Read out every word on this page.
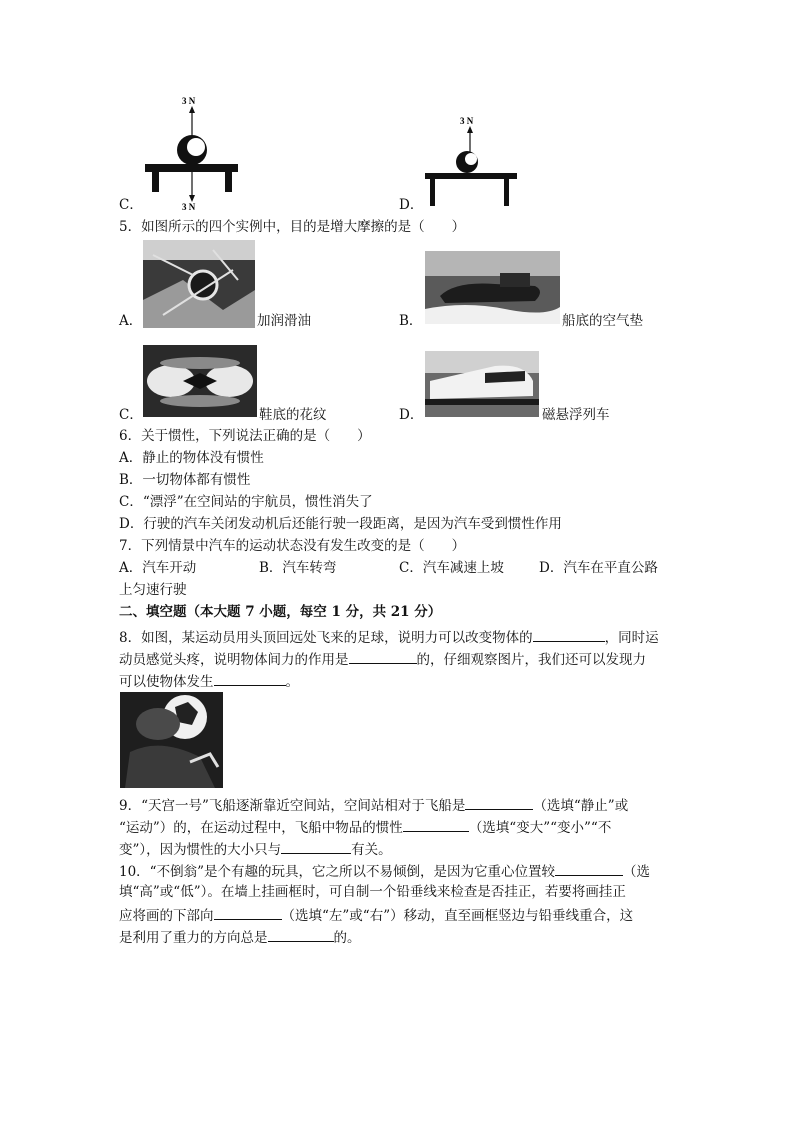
3 N
3 N
C．
3 N
D．
5．如图所示的四个实例中，目的是增大摩擦的是（　　）
A．	加润滑油	B．	船底的空气垫
C．	鞋底的花纹	D．	磁悬浮列车
6．关于惯性，下列说法正确的是（　　）
A．静止的物体没有惯性
B．一切物体都有惯性
C．“漂浮”在空间站的宇航员，惯性消失了
D．行驶的汽车关闭发动机后还能行驶一段距离，是因为汽车受到惯性作用
7．下列情景中汽车的运动状态没有发生改变的是（　　）
A．汽车开动	B．汽车转弯	C．汽车减速上坡	D．汽车在平直公路
上匀速行驶
二、填空题（本大题 7 小题，每空 1 分，共 21 分）
8．如图，某运动员用头顶回远处飞来的足球，说明力可以改变物体的	，同时运
动员感觉头疼，说明物体间力的作用是	的，仔细观察图片，我们还可以发现力
可以使物体发生	。
9．“天宫一号”飞船逐渐靠近空间站，空间站相对于飞船是	（选填“静止”或
“运动”）的，在运动过程中，飞船中物品的惯性	（选填“变大”“变小”“不
变”），因为惯性的大小只与	有关。
10．“不倒翁”是个有趣的玩具，它之所以不易倾倒，是因为它重心位置较	（选
填“高”或“低”）。在墙上挂画框时，可自制一个铅垂线来检查是否挂正，若要将画挂正
应将画的下部向	（选填“左”或“右”）移动，直至画框竖边与铅垂线重合，这
是利用了重力的方向总是	的。
